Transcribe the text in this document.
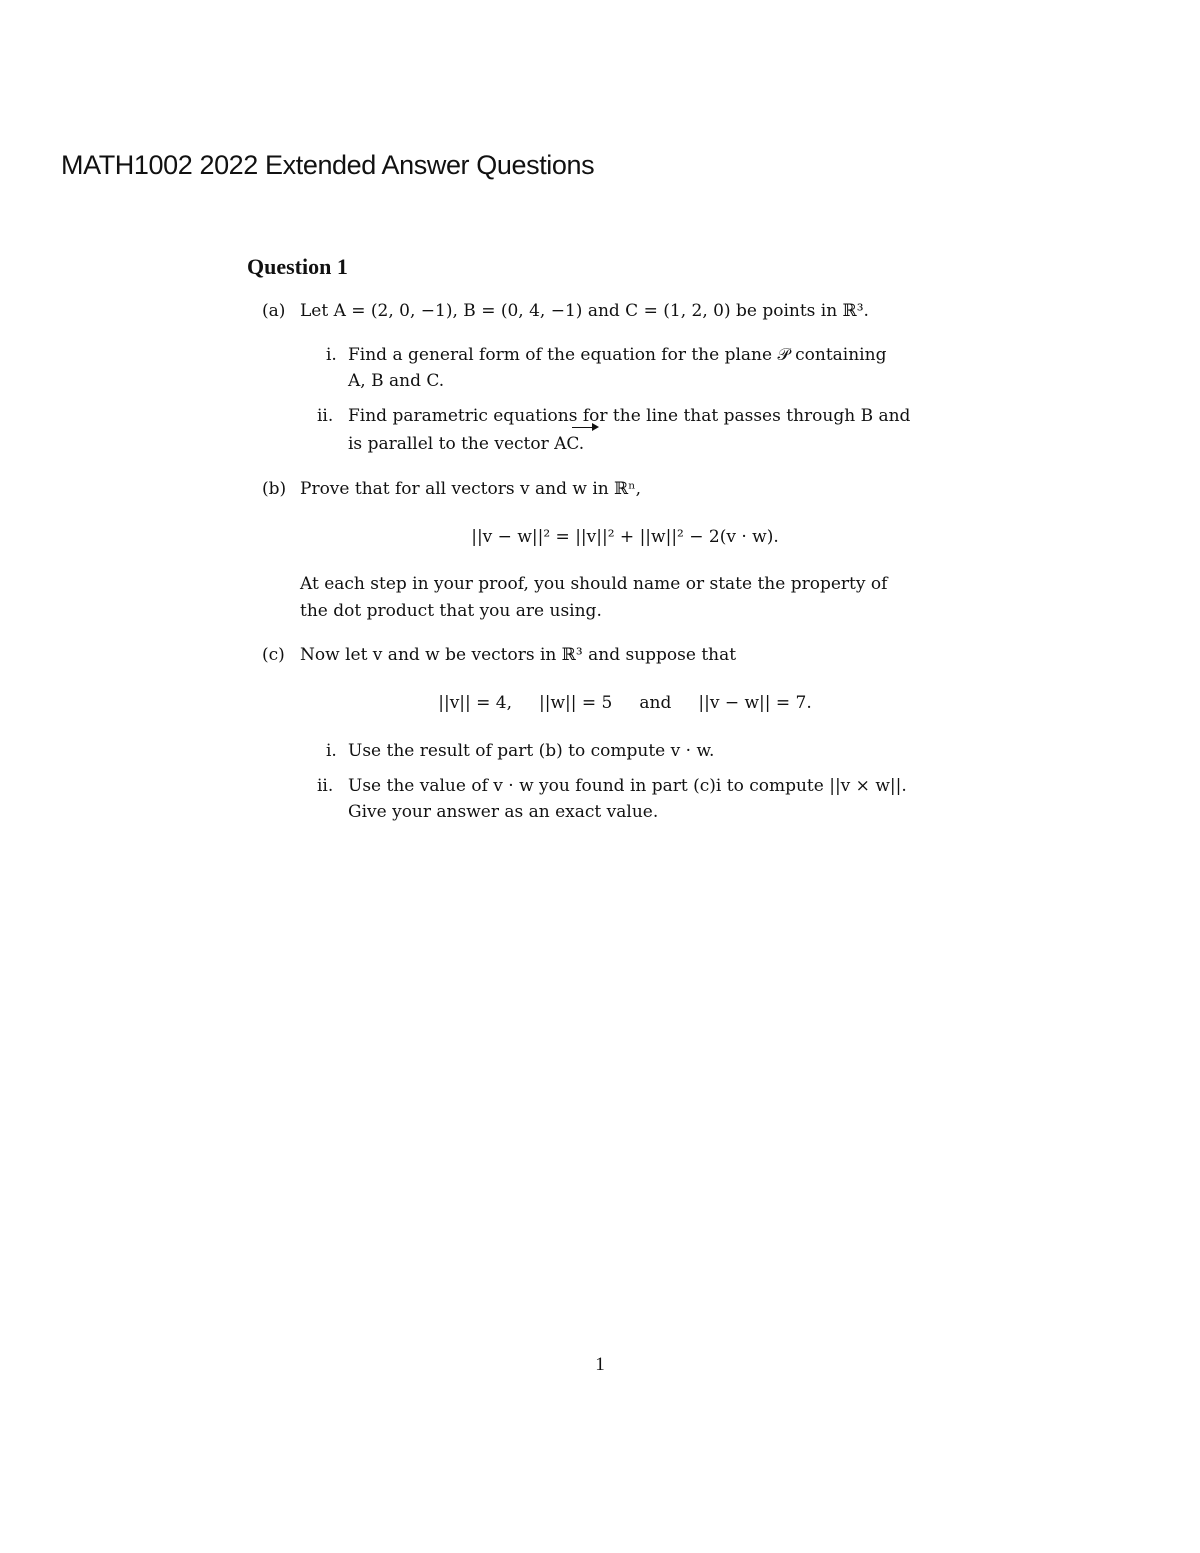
MATH1002 2022 Extended Answer Questions
Question 1
(a) Let A = (2, 0, −1), B = (0, 4, −1) and C = (1, 2, 0) be points in ℝ³.
i. Find a general form of the equation for the plane 𝒫 containing
A, B and C.
ii. Find parametric equations for the line that passes through B and
is parallel to the vector AC.
(b) Prove that for all vectors v and w in ℝⁿ,
||v − w||² = ||v||² + ||w||² − 2(v · w).
At each step in your proof, you should name or state the property of
the dot product that you are using.
(c) Now let v and w be vectors in ℝ³ and suppose that
||v|| = 4,     ||w|| = 5     and     ||v − w|| = 7.
i. Use the result of part (b) to compute v · w.
ii. Use the value of v · w you found in part (c)i to compute ||v × w||.
Give your answer as an exact value.
1
